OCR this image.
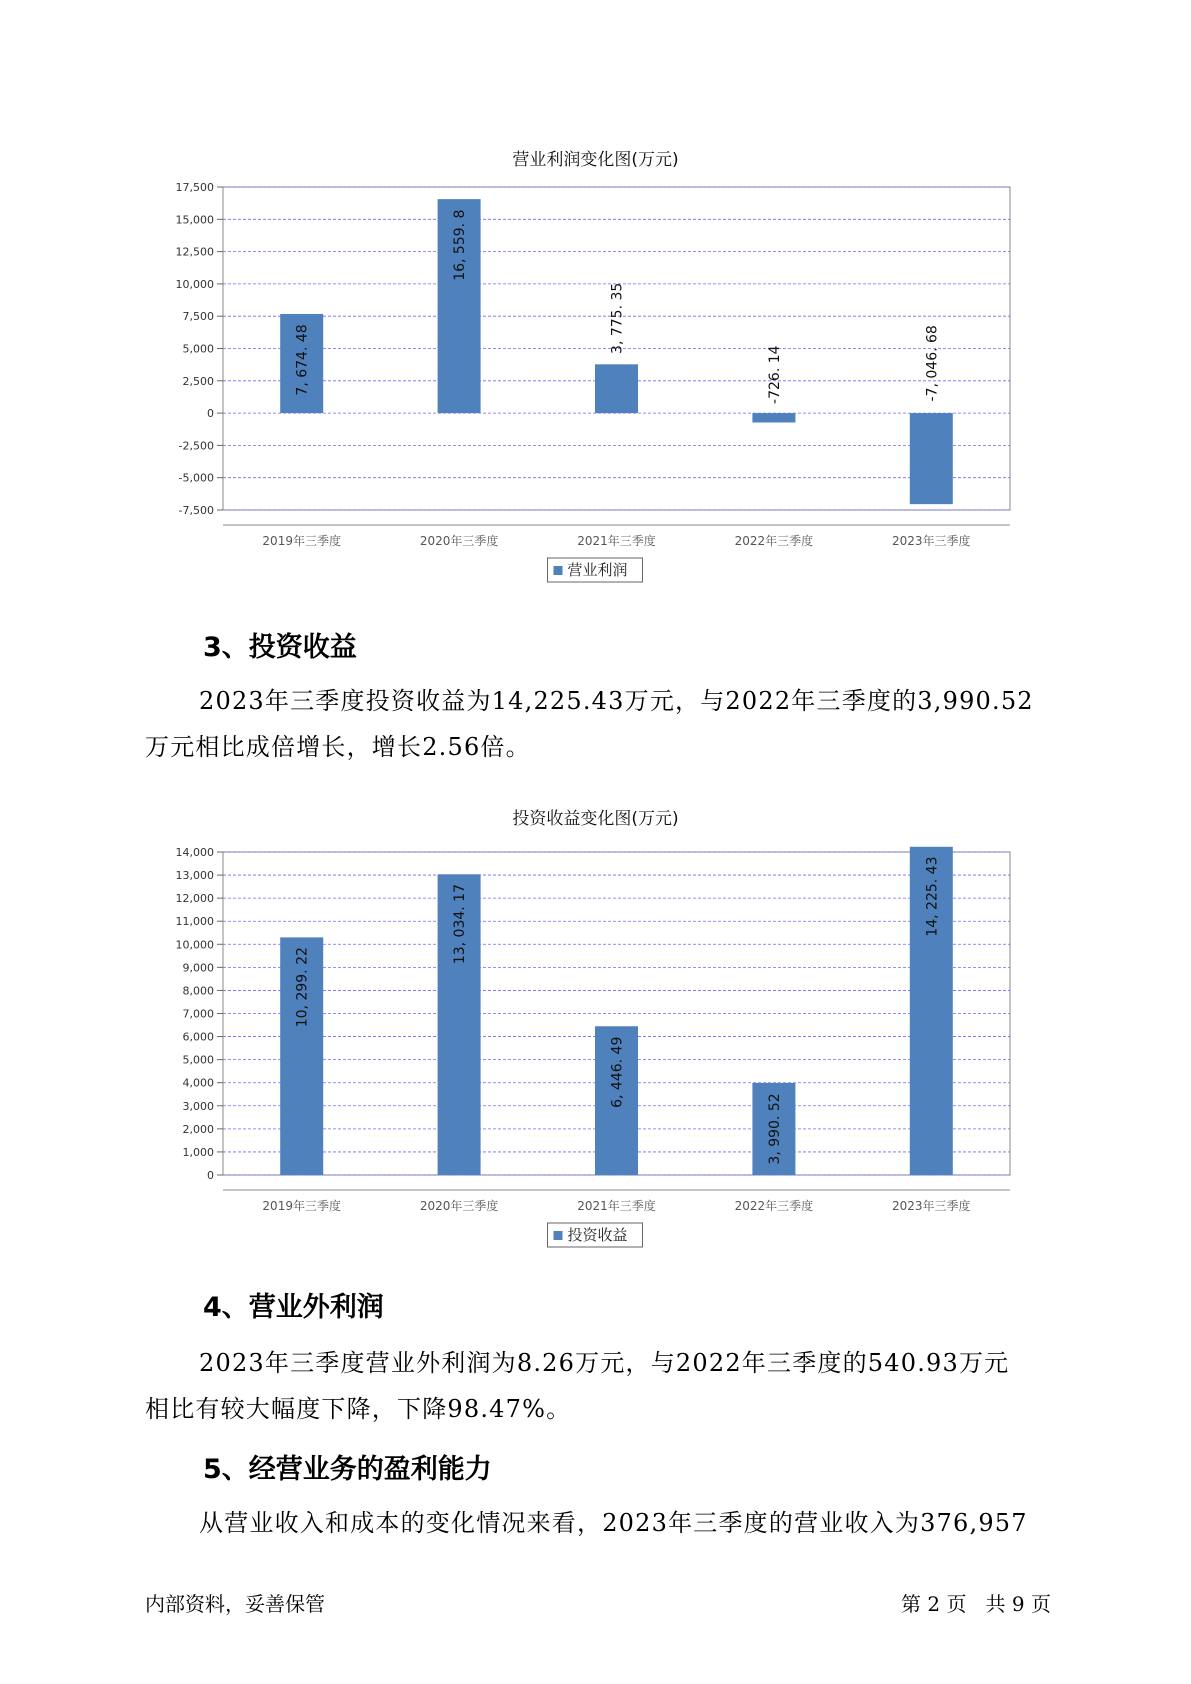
营业利润变化图(万元)
-7,500
-5,000
-2,500
0
2,500
5,000
7,500
10,000
12,500
15,000
17,500
7, 674. 48
2019年三季度
16, 559. 8
2020年三季度
3, 775. 35
2021年三季度
-726. 14
2022年三季度
-7, 046. 68
2023年三季度
营业利润
3、投资收益

2023年三季度投资收益为14,225.43万元，与2022年三季度的3,990.52

万元相比成倍增长，增长2.56倍。

投资收益变化图(万元)
0
1,000
2,000
3,000
4,000
5,000
6,000
7,000
8,000
9,000
10,000
11,000
12,000
13,000
14,000
10, 299. 22
2019年三季度
13, 034. 17
2020年三季度
6, 446. 49
2021年三季度
3, 990. 52
2022年三季度
14, 225. 43
2023年三季度
投资收益
4、营业外利润

2023年三季度营业外利润为8.26万元，与2022年三季度的540.93万元

相比有较大幅度下降，下降98.47%。

5、经营业务的盈利能力

从营业收入和成本的变化情况来看，2023年三季度的营业收入为376,957

内部资料，妥善保管	第 2 页   共 9 页
